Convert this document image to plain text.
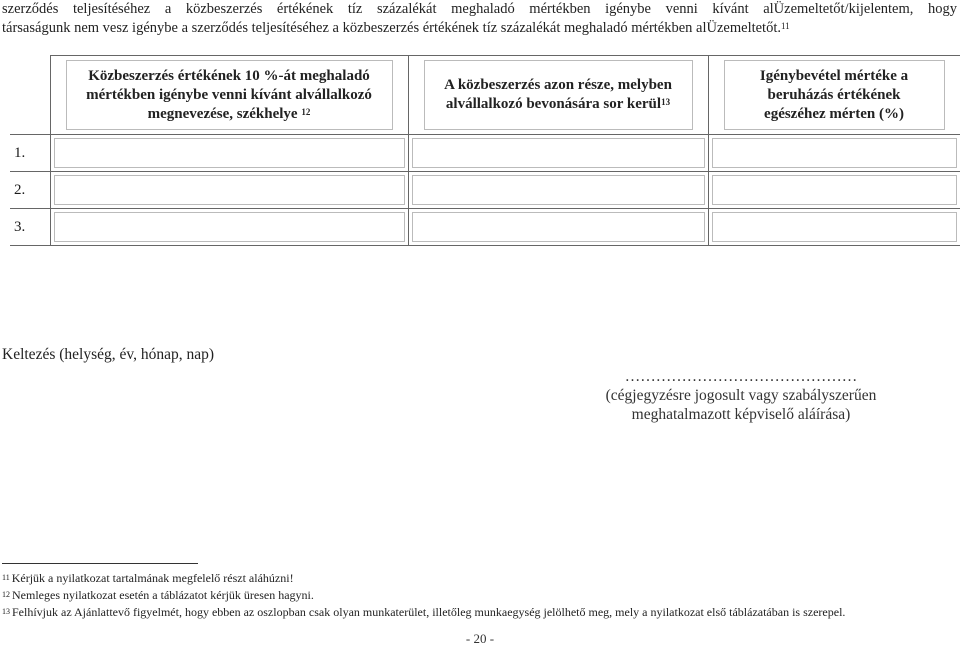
szerződés teljesítéséhez a közbeszerzés értékének tíz százalékát meghaladó mértékben igénybe venni kívánt alÜzemeltetőt/kijelentem, hogy

társaságunk nem vesz igénybe a szerződés teljesítéséhez a közbeszerzés értékének tíz százalékát meghaladó mértékben alÜzemeltetőt.$^{11}$

	Közbeszerzés értékének 10 %-át meghaladó mértékben igénybe venni kívánt alvállalkozó megnevezése, székhelye $^{12}$	A közbeszerzés azon része, melyben alvállalkozó bevonására sor kerül$^{13}$	Igénybevétel mértéke a beruházás értékének egészéhez mérten (%)

1.	

2.	

3.	

Keltezés (helység, év, hónap, nap)
………………………………………
(cégjegyzésre jogosult vagy szabályszerűen
meghatalmazott képviselő aláírása)

$^{11}$ Kérjük a nyilatkozat tartalmának megfelelő részt aláhúzni!

$^{12}$ Nemleges nyilatkozat esetén a táblázatot kérjük üresen hagyni.

$^{13}$ Felhívjuk az Ajánlattevő figyelmét, hogy ebben az oszlopban csak olyan munkaterület, illetőleg munkaegység jelölhető meg, mely a nyilatkozat első táblázatában is szerepel.

- 20 -
